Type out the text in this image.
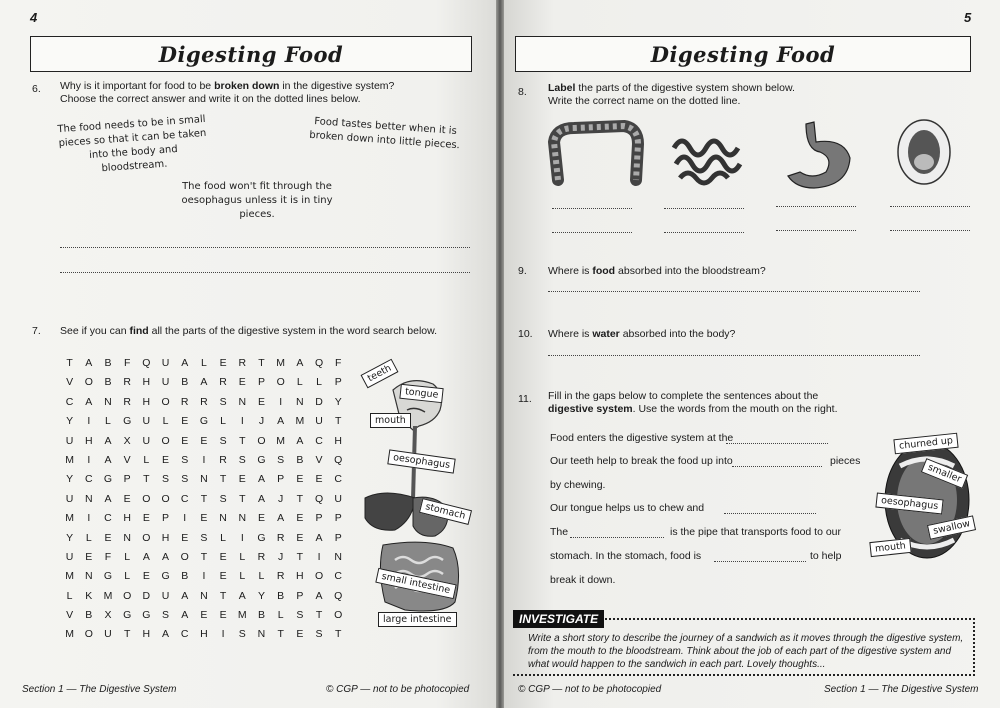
4
Digesting Food
6. Why is it important for food to be broken down in the digestive system?
Choose the correct answer and write it on the dotted lines below.
The food needs to be in small pieces so that it can be taken into the body and bloodstream.
Food tastes better when it is broken down into little pieces.
The food won't fit through the oesophagus unless it is in tiny pieces.
7. See if you can find all the parts of the digestive system in the word search below.
T	A	B	F	Q	U	A	L	E	R	T	M	A	Q	F
V	O	B	R	H	U	B	A	R	E	P	O	L	L	P
C	A	N	R	H	O	R	R	S	N	E	I	N	D	Y
Y	I	L	G	U	L	E	G	L	I	J	A	M	U	T
U	H	A	X	U	O	E	E	S	T	O	M	A	C	H
M	I	A	V	L	E	S	I	R	S	G	S	B	V	Q
Y	C	G	P	T	S	S	N	T	E	A	P	E	E	C
U	N	A	E	O	O	C	T	S	T	A	J	T	Q	U
M	I	C	H	E	P	I	E	N	N	E	A	E	P	P
Y	L	E	N	O	H	E	S	L	I	G	R	E	A	P
U	E	F	L	A	A	O	T	E	L	R	J	T	I	N
M	N	G	L	E	G	B	I	E	L	L	R	H	O	C
L	K	M	O	D	U	A	N	T	A	Y	B	P	A	Q
V	B	X	G	G	S	A	E	E	M	B	L	S	T	O
M	O	U	T	H	A	C	H	I	S	N	T	E	S	T
teeth
tongue
mouth
oesophagus
stomach
small intestine
large intestine
Section 1 — The Digestive System	© CGP — not to be photocopied
5
Digesting Food
8. Label the parts of the digestive system shown below.
Write the correct name on the dotted line.
9. Where is food absorbed into the bloodstream?
10. Where is water absorbed into the body?
11. Fill in the gaps below to complete the sentences about the
digestive system. Use the words from the mouth on the right.
Food enters the digestive system at the
Our teeth help to break the food up into	pieces
by chewing.
Our tongue helps us to chew and
The	is the pipe that transports food to our
stomach. In the stomach, food is	to help
break it down.
churned up
smaller
oesophagus
swallow
mouth
INVESTIGATE
Write a short story to describe the journey of a sandwich as it moves through the digestive system, from the mouth to the bloodstream. Think about the job of each part of the digestive system and what would happen to the sandwich in each part. Lovely thoughts...
© CGP — not to be photocopied	Section 1 — The Digestive System
